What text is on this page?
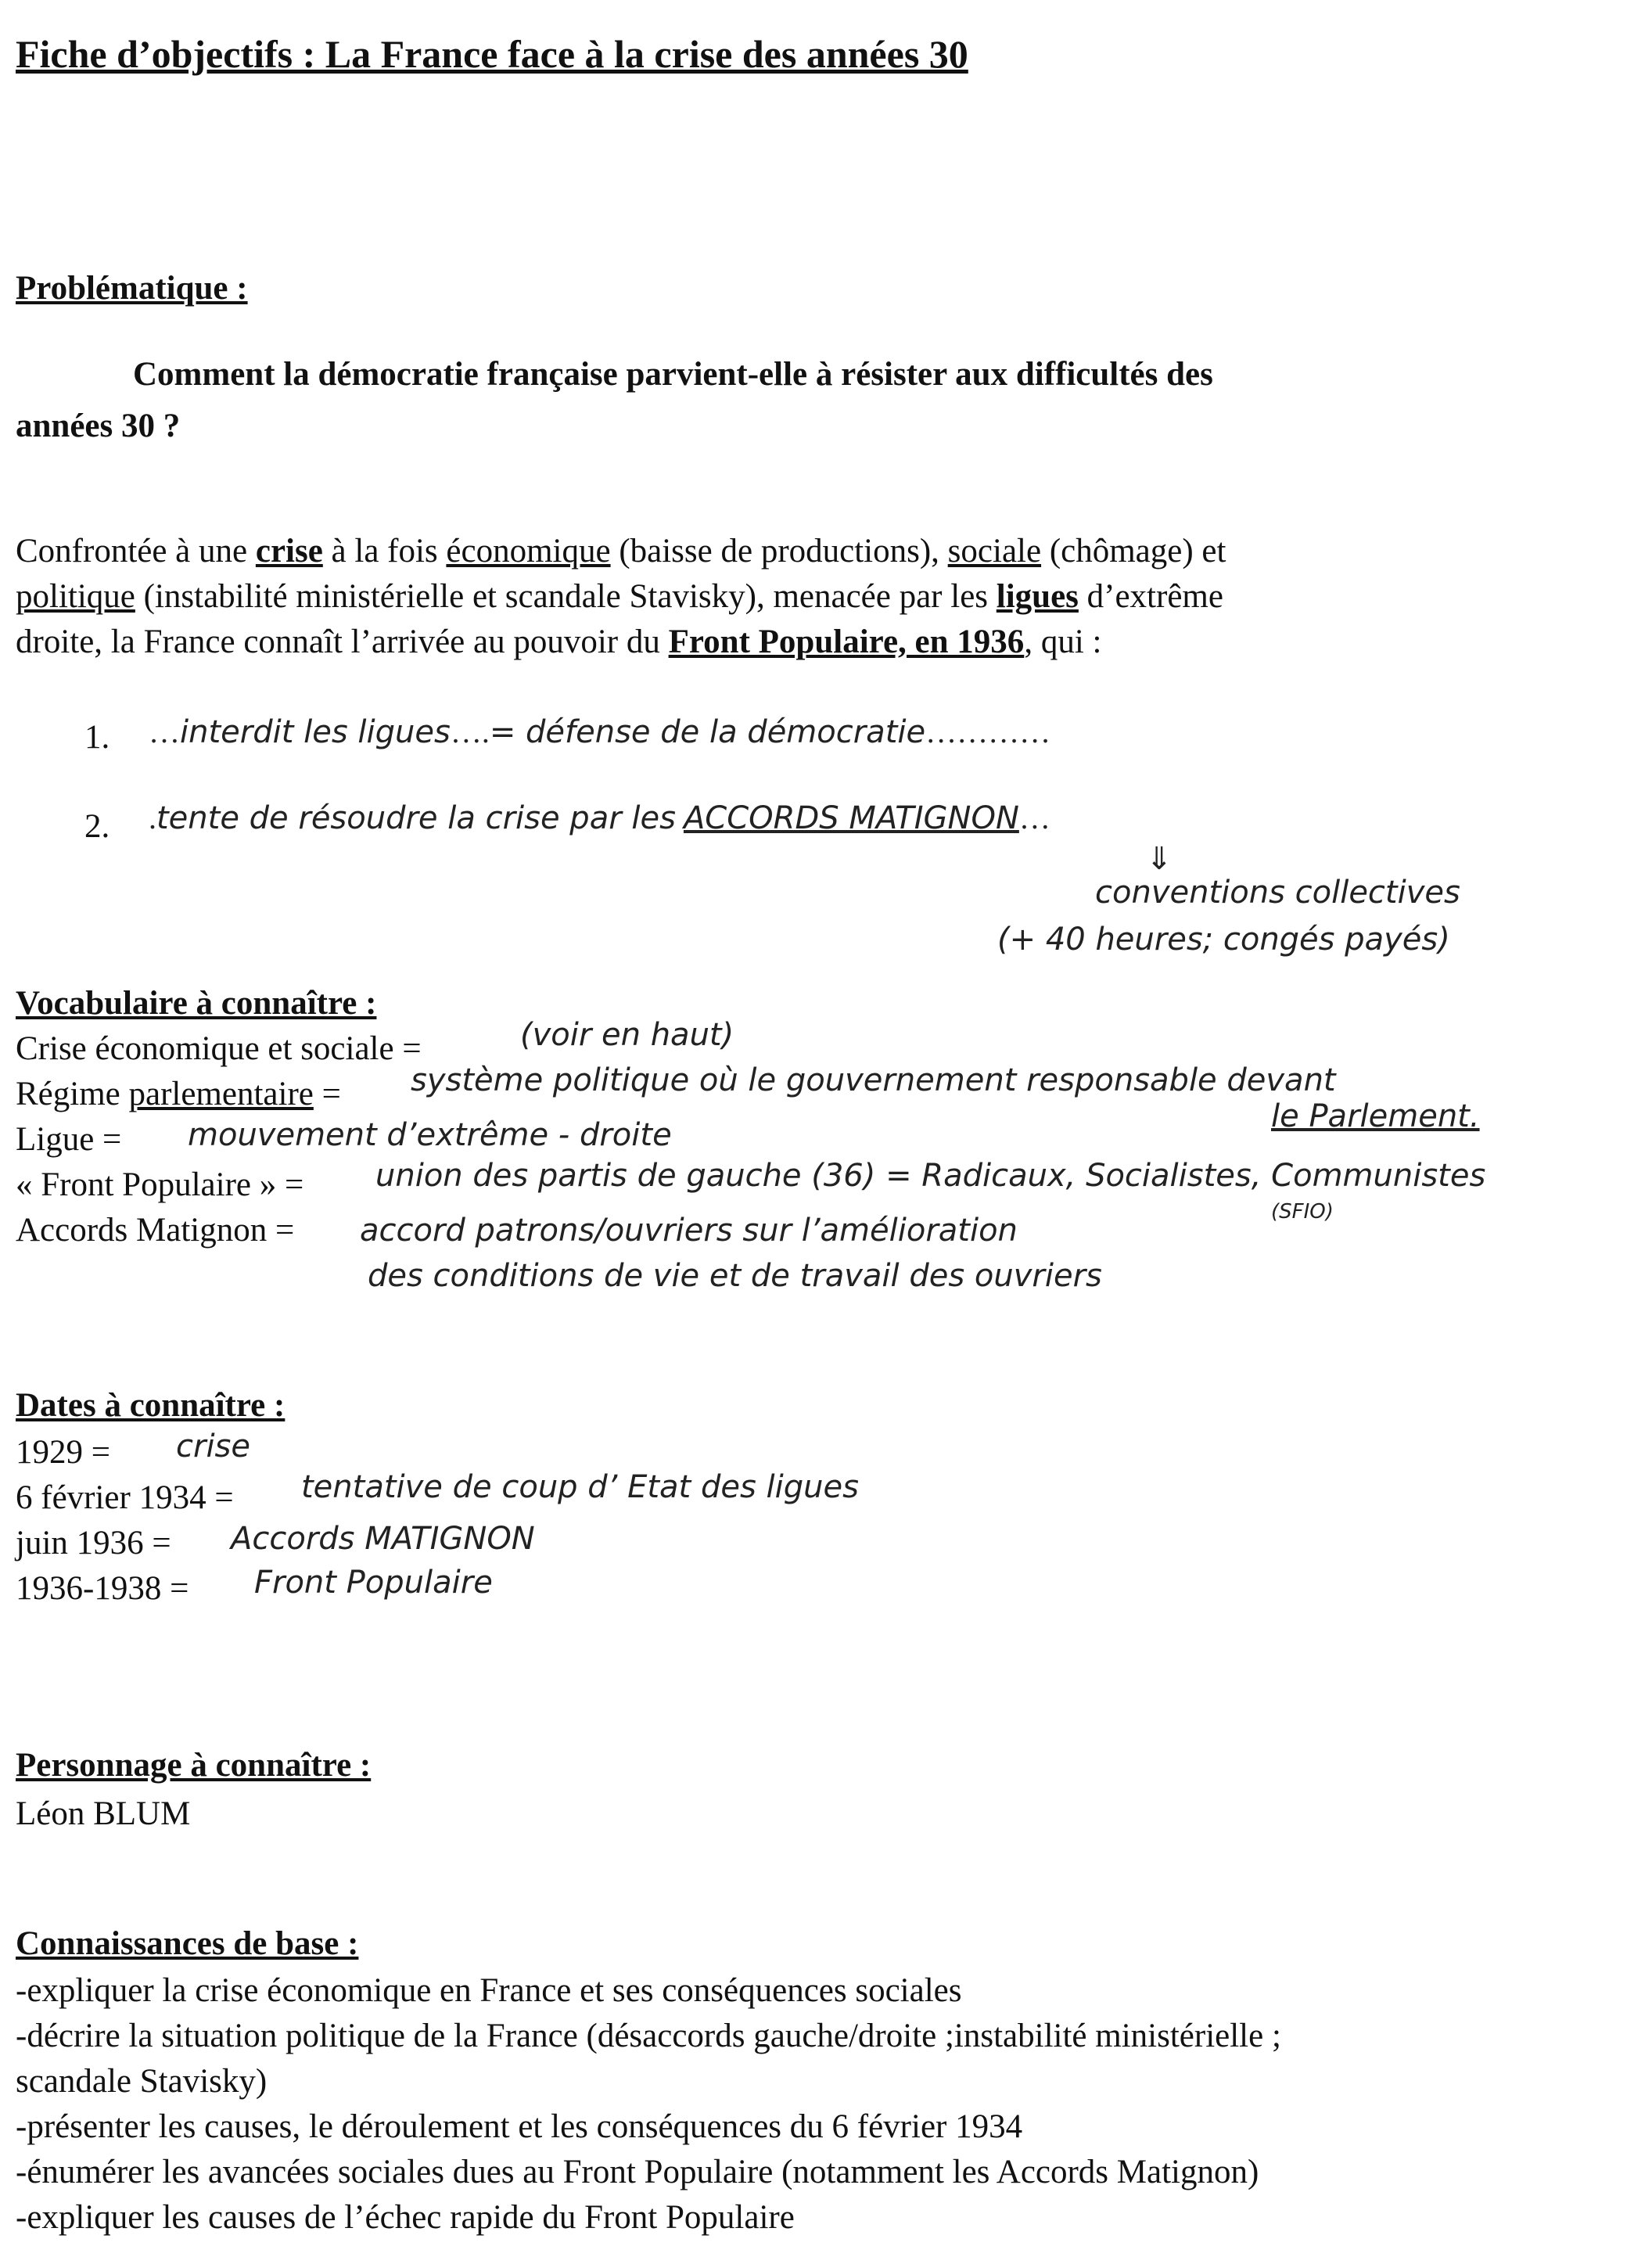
Fiche d’objectifs : La France face à la crise des années 30
Problématique :
Comment la démocratie française parvient-elle à résister aux difficultés des
années 30 ?
Confrontée à une crise à la fois économique (baisse de productions), sociale (chômage) et
politique (instabilité ministérielle et scandale Stavisky), menacée par les ligues d’extrême
droite, la France connaît l’arrivée au pouvoir du Front Populaire, en 1936, qui :
1. …interdit les ligues….= défense de la démocratie…………
2. .tente de résoudre la crise par les ACCORDS MATIGNON…
⇓
conventions collectives
(+ 40 heures; congés payés)
Vocabulaire à connaître :
Crise économique et sociale =	(voir en haut)
Régime parlementaire = système politique où le gouvernement responsable devant
le Parlement.
Ligue = mouvement d’extrême - droite
« Front Populaire » = union des partis de gauche (36) = Radicaux, Socialistes, Communistes
(SFIO)
Accords Matignon = accord patrons/ouvriers sur l’amélioration
des conditions de vie et de travail des ouvriers
Dates à connaître :
1929 = crise
6 février 1934 = tentative de coup d’ Etat des ligues
juin 1936 = Accords MATIGNON
1936-1938 = Front Populaire
Personnage à connaître :
Léon BLUM
Connaissances de base :
-expliquer la crise économique en France et ses conséquences sociales
-décrire la situation politique de la France (désaccords gauche/droite ;instabilité ministérielle ;
scandale Stavisky)
-présenter les causes, le déroulement et les conséquences du 6 février 1934
-énumérer les avancées sociales dues au Front Populaire (notamment les Accords Matignon)
-expliquer les causes de l’échec rapide du Front Populaire
